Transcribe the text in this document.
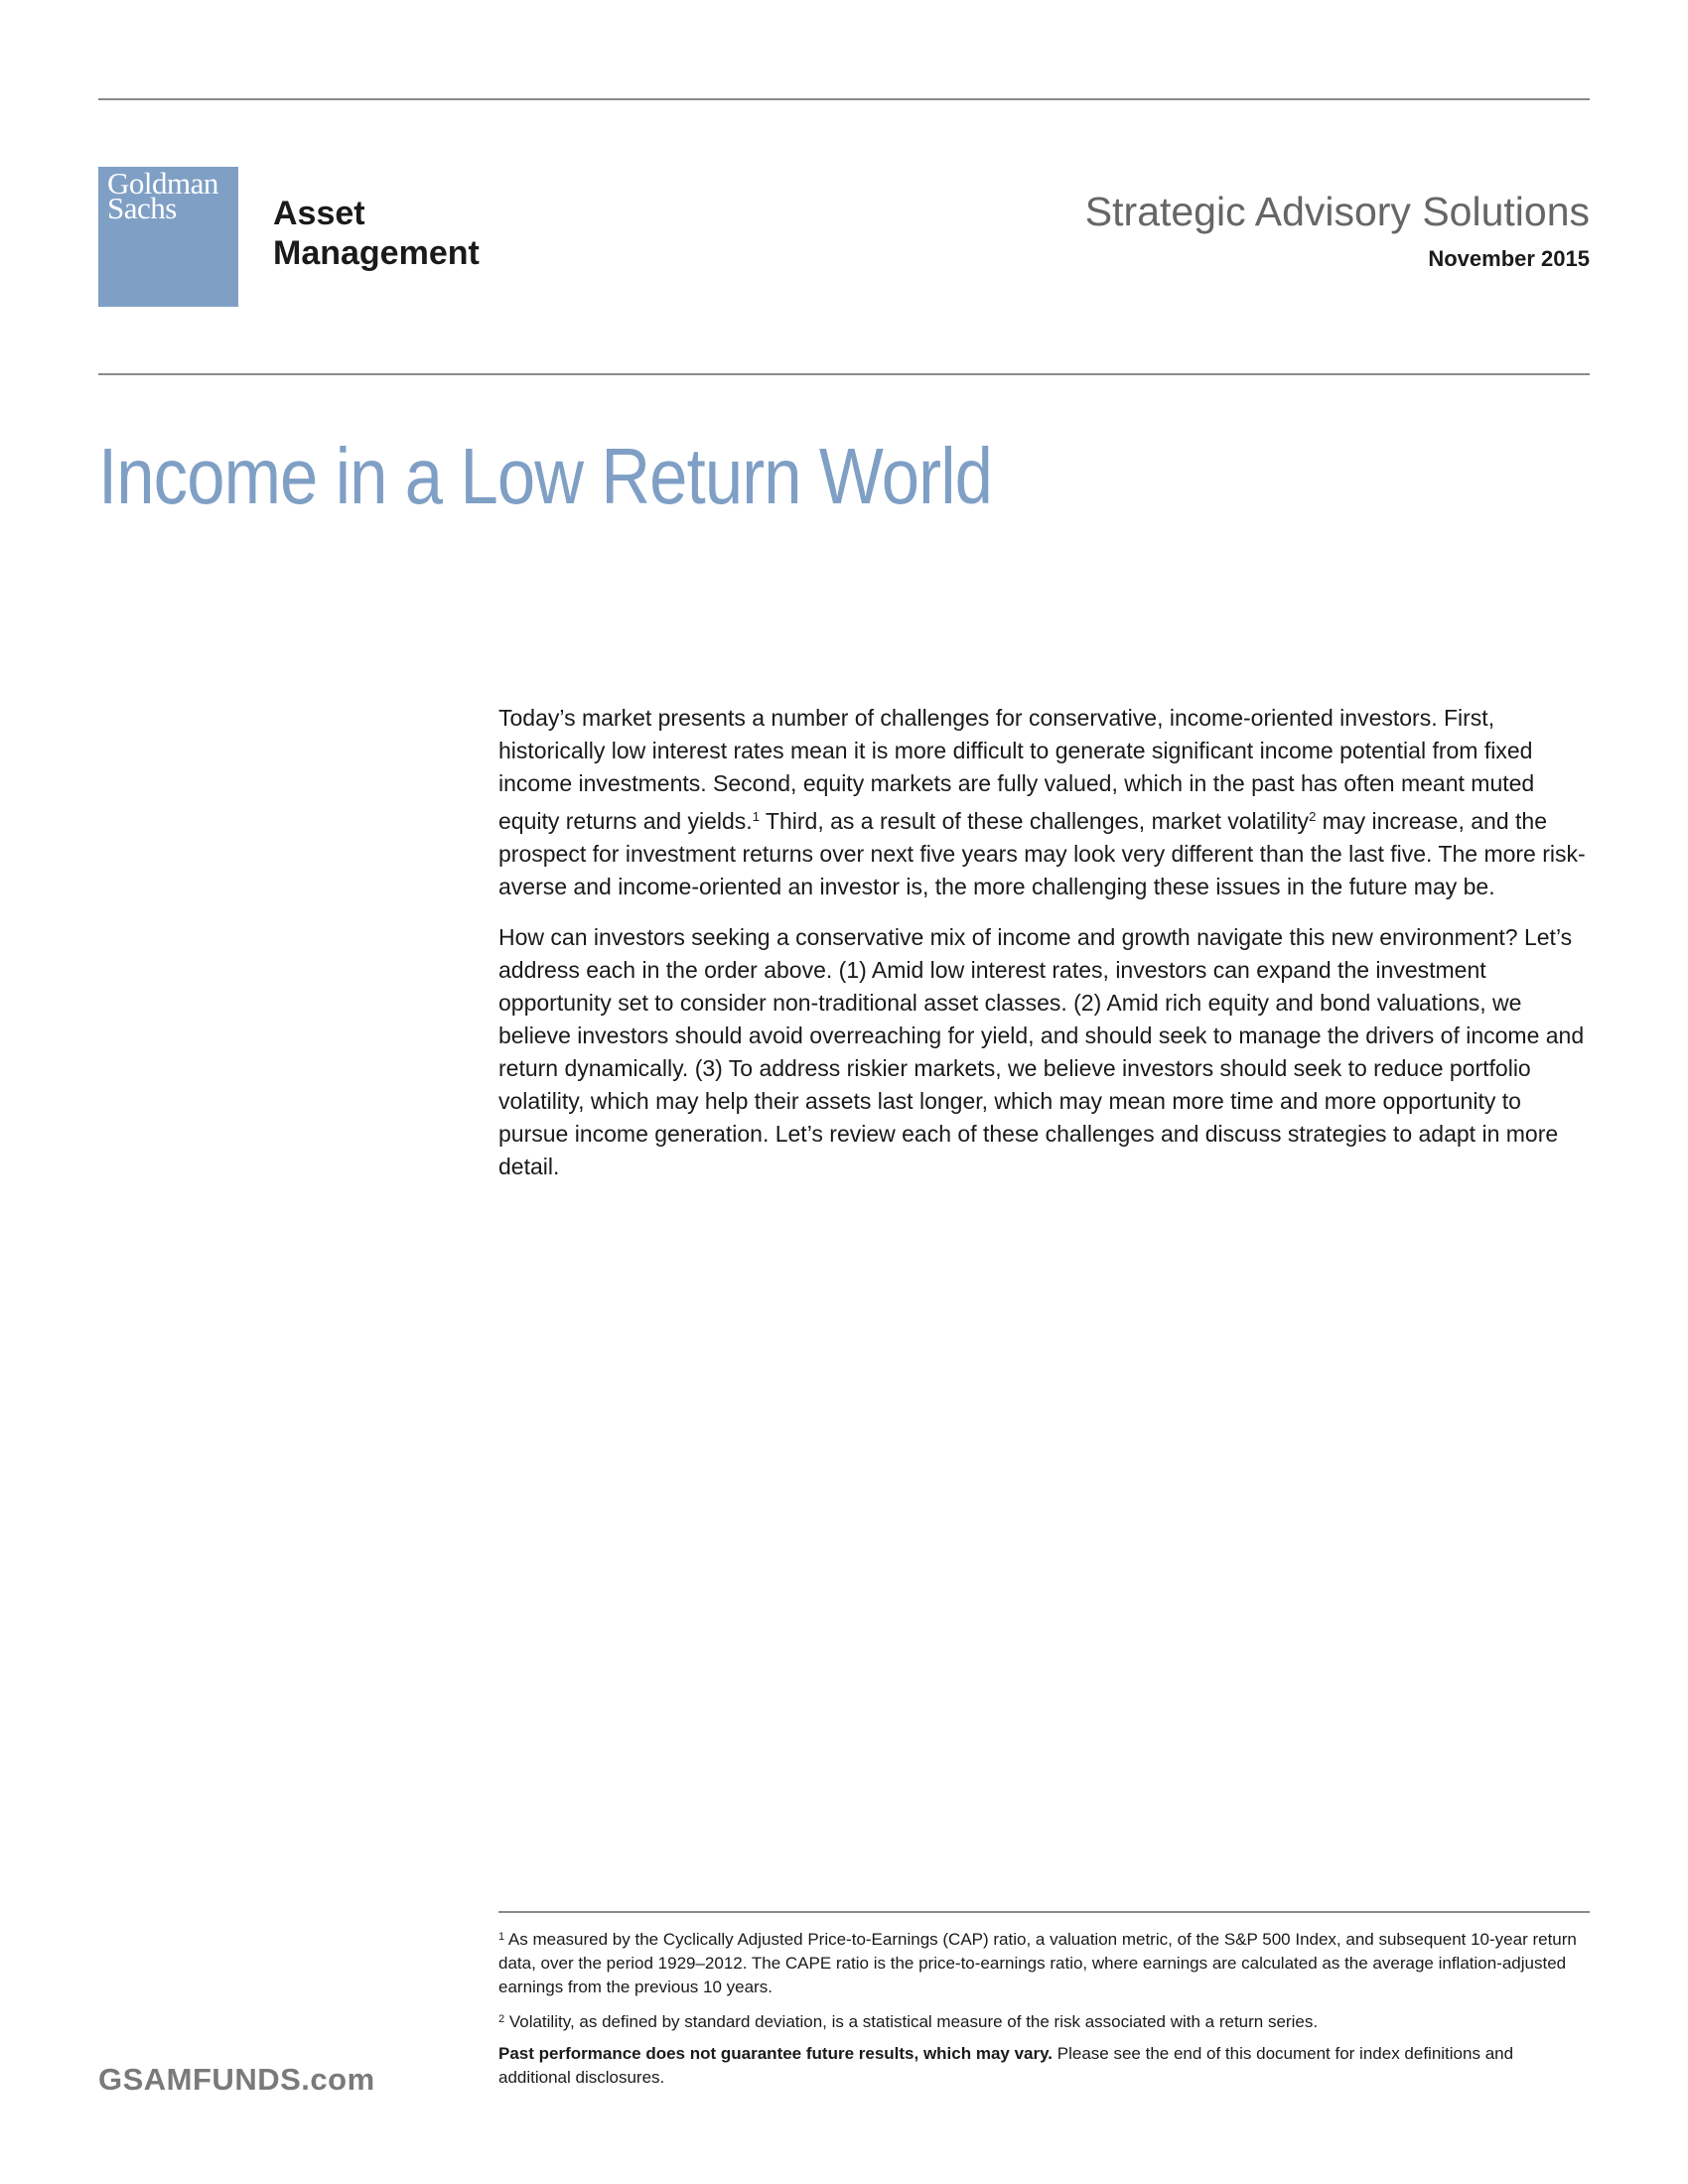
Goldman
Sachs	Asset
Management
Strategic Advisory Solutions
November 2015
Income in a Low Return World

Today’s market presents a number of challenges for conservative, income-oriented investors. First, historically low interest rates mean it is more difficult to generate significant income potential from fixed income investments. Second, equity markets are fully valued, which in the past has often meant muted equity returns and yields.$^1$ Third, as a result of these challenges, market volatility$^2$ may increase, and the prospect for investment returns over next five years may look very different than the last five. The more risk-averse and income-oriented an investor is, the more challenging these issues in the future may be.

How can investors seeking a conservative mix of income and growth navigate this new environment? Let’s address each in the order above. (1) Amid low interest rates, investors can expand the investment opportunity set to consider non-traditional asset classes. (2) Amid rich equity and bond valuations, we believe investors should avoid overreaching for yield, and should seek to manage the drivers of income and return dynamically. (3) To address riskier markets, we believe investors should seek to reduce portfolio volatility, which may help their assets last longer, which may mean more time and more opportunity to pursue income generation. Let’s review each of these challenges and discuss strategies to adapt in more detail.

$^1$ As measured by the Cyclically Adjusted Price-to-Earnings (CAP) ratio, a valuation metric, of the S&P 500 Index, and subsequent 10-year return data, over the period 1929–2012. The CAPE ratio is the price-to-earnings ratio, where earnings are calculated as the average inflation-adjusted earnings from the previous 10 years.

$^2$ Volatility, as defined by standard deviation, is a statistical measure of the risk associated with a return series.

Past performance does not guarantee future results, which may vary. Please see the end of this document for index definitions and additional disclosures.

GSAMFUNDS.com
